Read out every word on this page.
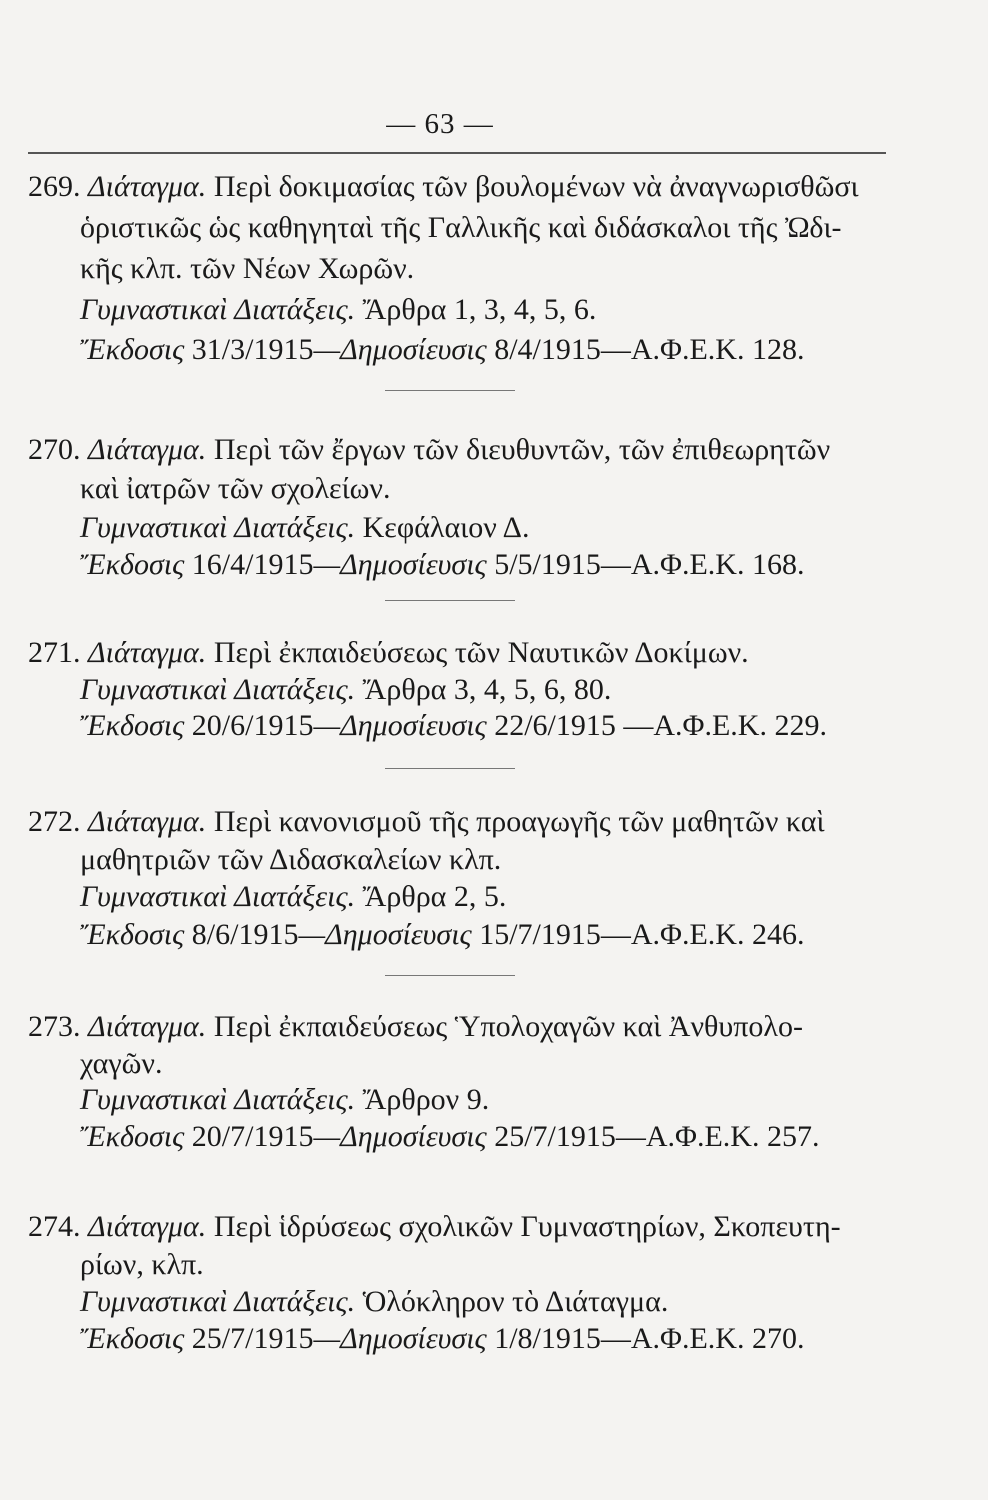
— 63 —
269. Διάταγμα. Περὶ δοκιμασίας τῶν βουλομένων νὰ ἀναγνωρισθῶσι
ὁριστικῶς ὡς καθηγηταὶ τῆς Γαλλικῆς καὶ διδάσκαλοι τῆς Ὠδι-
κῆς κλπ. τῶν Νέων Χωρῶν.
Γυμναστικαὶ Διατάξεις. Ἄρθρα 1, 3, 4, 5, 6.
Ἔκδοσις 31/3/1915—Δημοσίευσις 8/4/1915—Α.Φ.Ε.Κ. 128.
270. Διάταγμα. Περὶ τῶν ἔργων τῶν διευθυντῶν, τῶν ἐπιθεωρητῶν
καὶ ἰατρῶν τῶν σχολείων.
Γυμναστικαὶ Διατάξεις. Κεφάλαιον Δ.
Ἔκδοσις 16/4/1915—Δημοσίευσις 5/5/1915—Α.Φ.Ε.Κ. 168.
271. Διάταγμα. Περὶ ἐκπαιδεύσεως τῶν Ναυτικῶν Δοκίμων.
Γυμναστικαὶ Διατάξεις. Ἄρθρα 3, 4, 5, 6, 80.
Ἔκδοσις 20/6/1915—Δημοσίευσις 22/6/1915 —Α.Φ.Ε.Κ. 229.
272. Διάταγμα. Περὶ κανονισμοῦ τῆς προαγωγῆς τῶν μαθητῶν καὶ
μαθητριῶν τῶν Διδασκαλείων κλπ.
Γυμναστικαὶ Διατάξεις. Ἄρθρα 2, 5.
Ἔκδοσις 8/6/1915—Δημοσίευσις 15/7/1915—Α.Φ.Ε.Κ. 246.
273. Διάταγμα. Περὶ ἐκπαιδεύσεως Ὑπολοχαγῶν καὶ Ἀνθυπολο-
χαγῶν.
Γυμναστικαὶ Διατάξεις. Ἄρθρον 9.
Ἔκδοσις 20/7/1915—Δημοσίευσις 25/7/1915—Α.Φ.Ε.Κ. 257.
274. Διάταγμα. Περὶ ἱδρύσεως σχολικῶν Γυμναστηρίων, Σκοπευτη-
ρίων, κλπ.
Γυμναστικαὶ Διατάξεις. Ὁλόκληρον τὸ Διάταγμα.
Ἔκδοσις 25/7/1915—Δημοσίευσις 1/8/1915—Α.Φ.Ε.Κ. 270.
